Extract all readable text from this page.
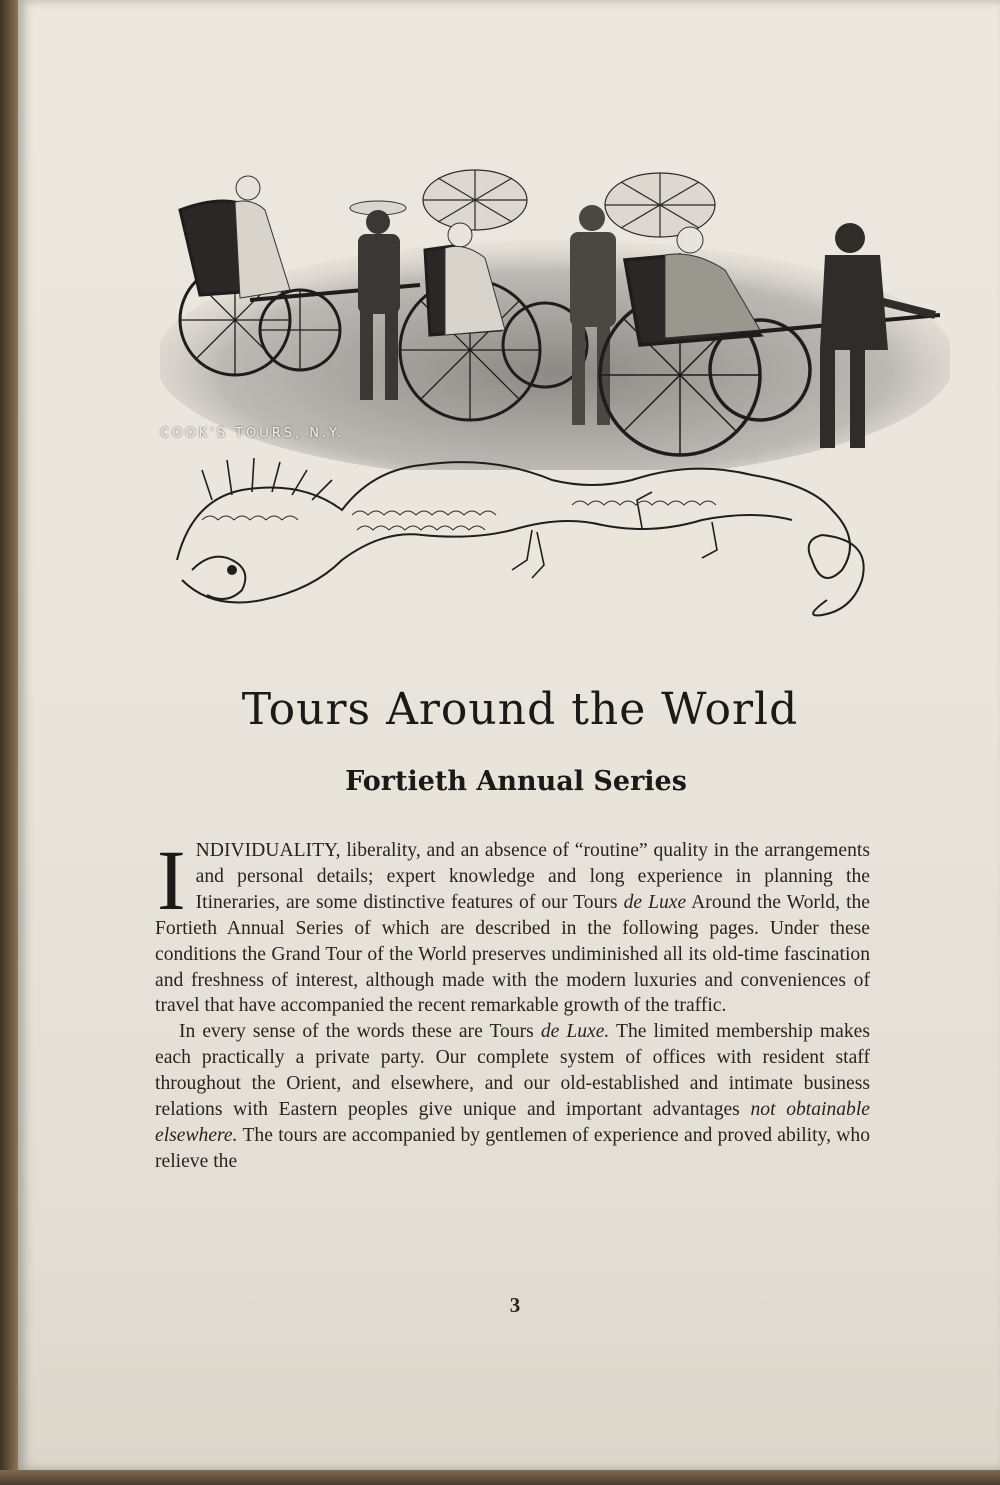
COOK'S TOURS, N.Y.
Tours Around the World
Fortieth Annual Series

INDIVIDUALITY, liberality, and an absence of “routine” quality in the arrangements and personal details; expert knowledge and long experience in planning the Itineraries, are some distinctive features of our Tours de Luxe Around the World, the Fortieth Annual Series of which are described in the following pages. Under these conditions the Grand Tour of the World preserves undiminished all its old-time fascination and freshness of interest, although made with the modern luxuries and conveniences of travel that have accompanied the recent remarkable growth of the traffic.

In every sense of the words these are Tours de Luxe. The limited membership makes each practically a private party. Our complete system of offices with resident staff throughout the Orient, and elsewhere, and our old-established and intimate business relations with Eastern peoples give unique and important advantages not obtainable elsewhere. The tours are accompanied by gentlemen of experience and proved ability, who relieve the

3
